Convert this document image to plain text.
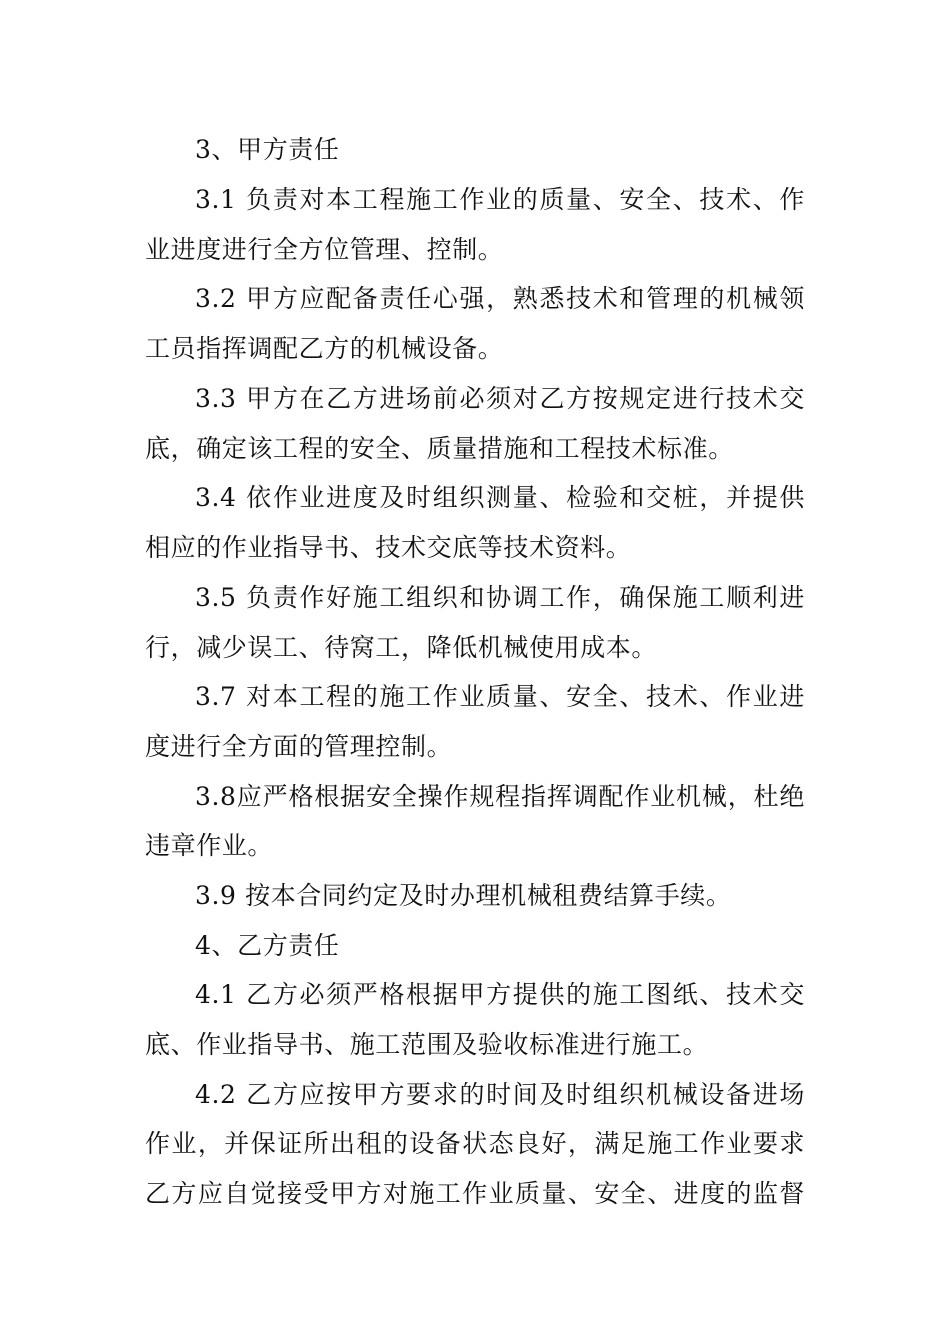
3、甲方责任
3.1 负责对本工程施工作业的质量、安全、技术、作
业进度进行全方位管理、控制。
3.2 甲方应配备责任心强，熟悉技术和管理的机械领
工员指挥调配乙方的机械设备。
3.3 甲方在乙方进场前必须对乙方按规定进行技术交
底，确定该工程的安全、质量措施和工程技术标准。
3.4 依作业进度及时组织测量、检验和交桩，并提供
相应的作业指导书、技术交底等技术资料。
3.5 负责作好施工组织和协调工作，确保施工顺利进
行，减少误工、待窝工，降低机械使用成本。
3.7 对本工程的施工作业质量、安全、技术、作业进
度进行全方面的管理控制。
3.8应严格根据安全操作规程指挥调配作业机械，杜绝
违章作业。
3.9 按本合同约定及时办理机械租费结算手续。
4、乙方责任
4.1 乙方必须严格根据甲方提供的施工图纸、技术交
底、作业指导书、施工范围及验收标准进行施工。
4.2 乙方应按甲方要求的时间及时组织机械设备进场
作业，并保证所出租的设备状态良好，满足施工作业要求
乙方应自觉接受甲方对施工作业质量、安全、进度的监督
